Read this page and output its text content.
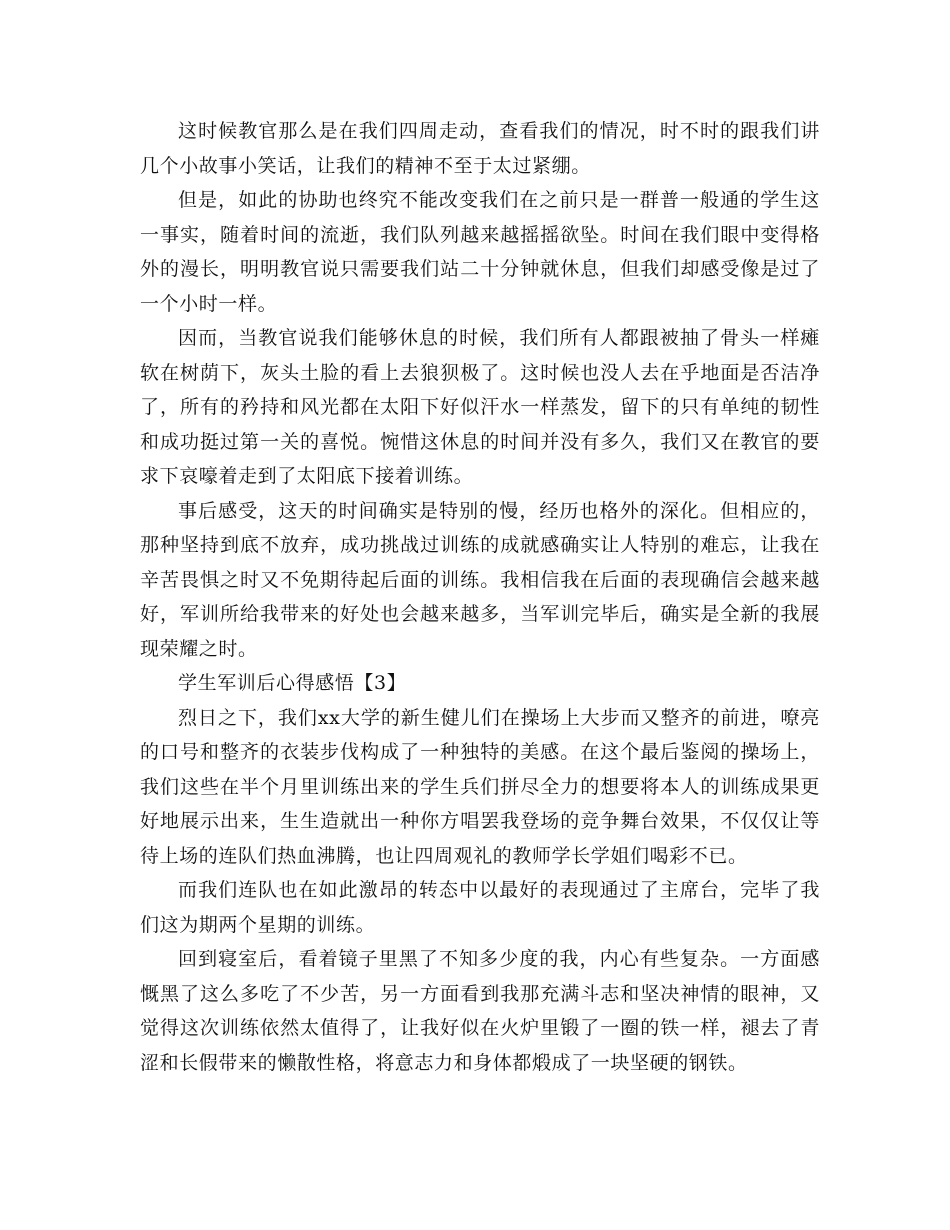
这时候教官那么是在我们四周走动，查看我们的情况，时不时的跟我们讲几个小故事小笑话，让我们的精神不至于太过紧绷。

但是，如此的协助也终究不能改变我们在之前只是一群普一般通的学生这一事实，随着时间的流逝，我们队列越来越摇摇欲坠。时间在我们眼中变得格外的漫长，明明教官说只需要我们站二十分钟就休息，但我们却感受像是过了一个小时一样。

因而，当教官说我们能够休息的时候，我们所有人都跟被抽了骨头一样瘫软在树荫下，灰头土脸的看上去狼狈极了。这时候也没人去在乎地面是否洁净了，所有的矜持和风光都在太阳下好似汗水一样蒸发，留下的只有单纯的韧性和成功挺过第一关的喜悦。惋惜这休息的时间并没有多久，我们又在教官的要求下哀嚎着走到了太阳底下接着训练。

事后感受，这天的时间确实是特别的慢，经历也格外的深化。但相应的，那种坚持到底不放弃，成功挑战过训练的成就感确实让人特别的难忘，让我在辛苦畏惧之时又不免期待起后面的训练。我相信我在后面的表现确信会越来越好，军训所给我带来的好处也会越来越多，当军训完毕后，确实是全新的我展现荣耀之时。

学生军训后心得感悟【3】

烈日之下，我们xx大学的新生健儿们在操场上大步而又整齐的前进，嘹亮的口号和整齐的衣装步伐构成了一种独特的美感。在这个最后鉴阅的操场上，我们这些在半个月里训练出来的学生兵们拼尽全力的想要将本人的训练成果更好地展示出来，生生造就出一种你方唱罢我登场的竞争舞台效果，不仅仅让等待上场的连队们热血沸腾，也让四周观礼的教师学长学姐们喝彩不已。

而我们连队也在如此激昂的转态中以最好的表现通过了主席台，完毕了我们这为期两个星期的训练。

回到寝室后，看着镜子里黑了不知多少度的我，内心有些复杂。一方面感慨黑了这么多吃了不少苦，另一方面看到我那充满斗志和坚决神情的眼神，又觉得这次训练依然太值得了，让我好似在火炉里锻了一圈的铁一样，褪去了青涩和长假带来的懒散性格，将意志力和身体都煅成了一块坚硬的钢铁。
